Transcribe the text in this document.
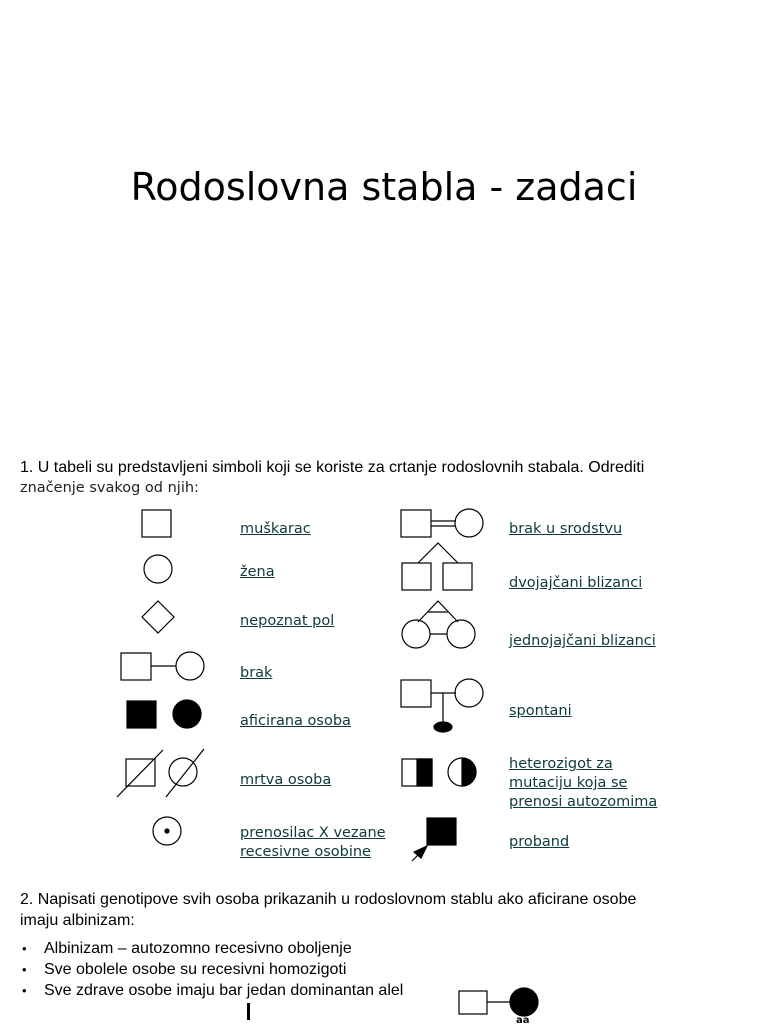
Rodoslovna stabla - zadaci
1. U tabeli su predstavljeni simboli koji se koriste za crtanje rodoslovnih stabala. Odrediti
značenje svakog od njih:
aa
muškarac
žena
nepoznat pol
brak
aficirana osoba
mrtva osoba
prenosilac X vezane
recesivne osobine
brak u srodstvu
dvojajčani blizanci
jednojajčani blizanci
spontani
heterozigot za
mutaciju koja se
prenosi autozomima
proband
2. Napisati genotipove svih osoba prikazanih u rodoslovnom stablu ako aficirane osobe
imaju albinizam:
• Albinizam – autozomno recesivno oboljenje
• Sve obolele osobe su recesivni homozigoti
• Sve zdrave osobe imaju bar jedan dominantan alel
